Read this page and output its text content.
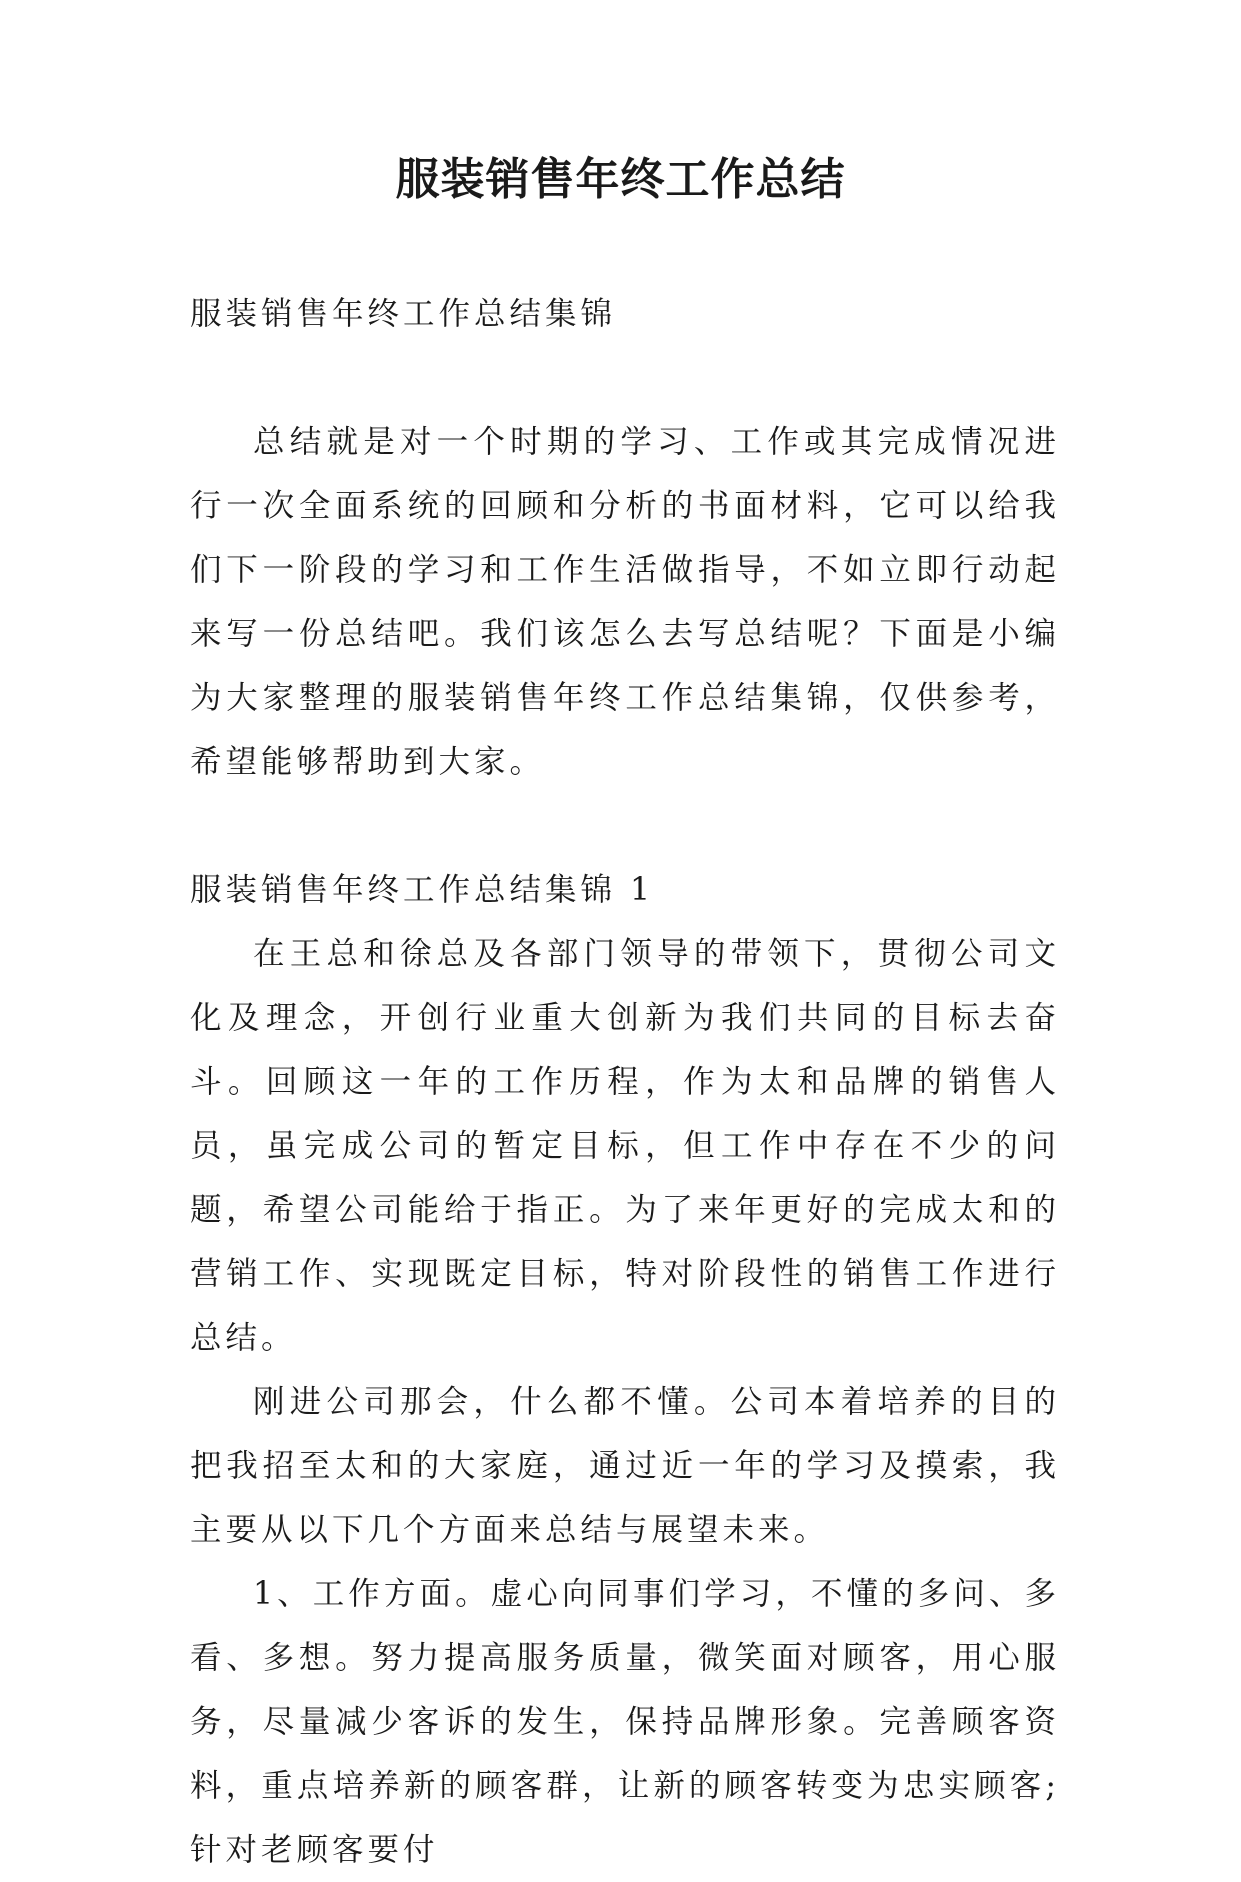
服装销售年终工作总结

服装销售年终工作总结集锦

总结就是对一个时期的学习、工作或其完成情况进行一次全面系统的回顾和分析的书面材料，它可以给我们下一阶段的学习和工作生活做指导，不如立即行动起来写一份总结吧。我们该怎么去写总结呢？下面是小编为大家整理的服装销售年终工作总结集锦，仅供参考，希望能够帮助到大家。

服装销售年终工作总结集锦 1

在王总和徐总及各部门领导的带领下，贯彻公司文化及理念，开创行业重大创新为我们共同的目标去奋斗。回顾这一年的工作历程，作为太和品牌的销售人员，虽完成公司的暂定目标，但工作中存在不少的问题，希望公司能给于指正。为了来年更好的完成太和的营销工作、实现既定目标，特对阶段性的销售工作进行总结。

刚进公司那会，什么都不懂。公司本着培养的目的把我招至太和的大家庭，通过近一年的学习及摸索，我主要从以下几个方面来总结与展望未来。

1、工作方面。虚心向同事们学习，不懂的多问、多看、多想。努力提高服务质量，微笑面对顾客，用心服务，尽量减少客诉的发生，保持品牌形象。完善顾客资料，重点培养新的顾客群，让新的顾客转变为忠实顾客;针对老顾客要付
